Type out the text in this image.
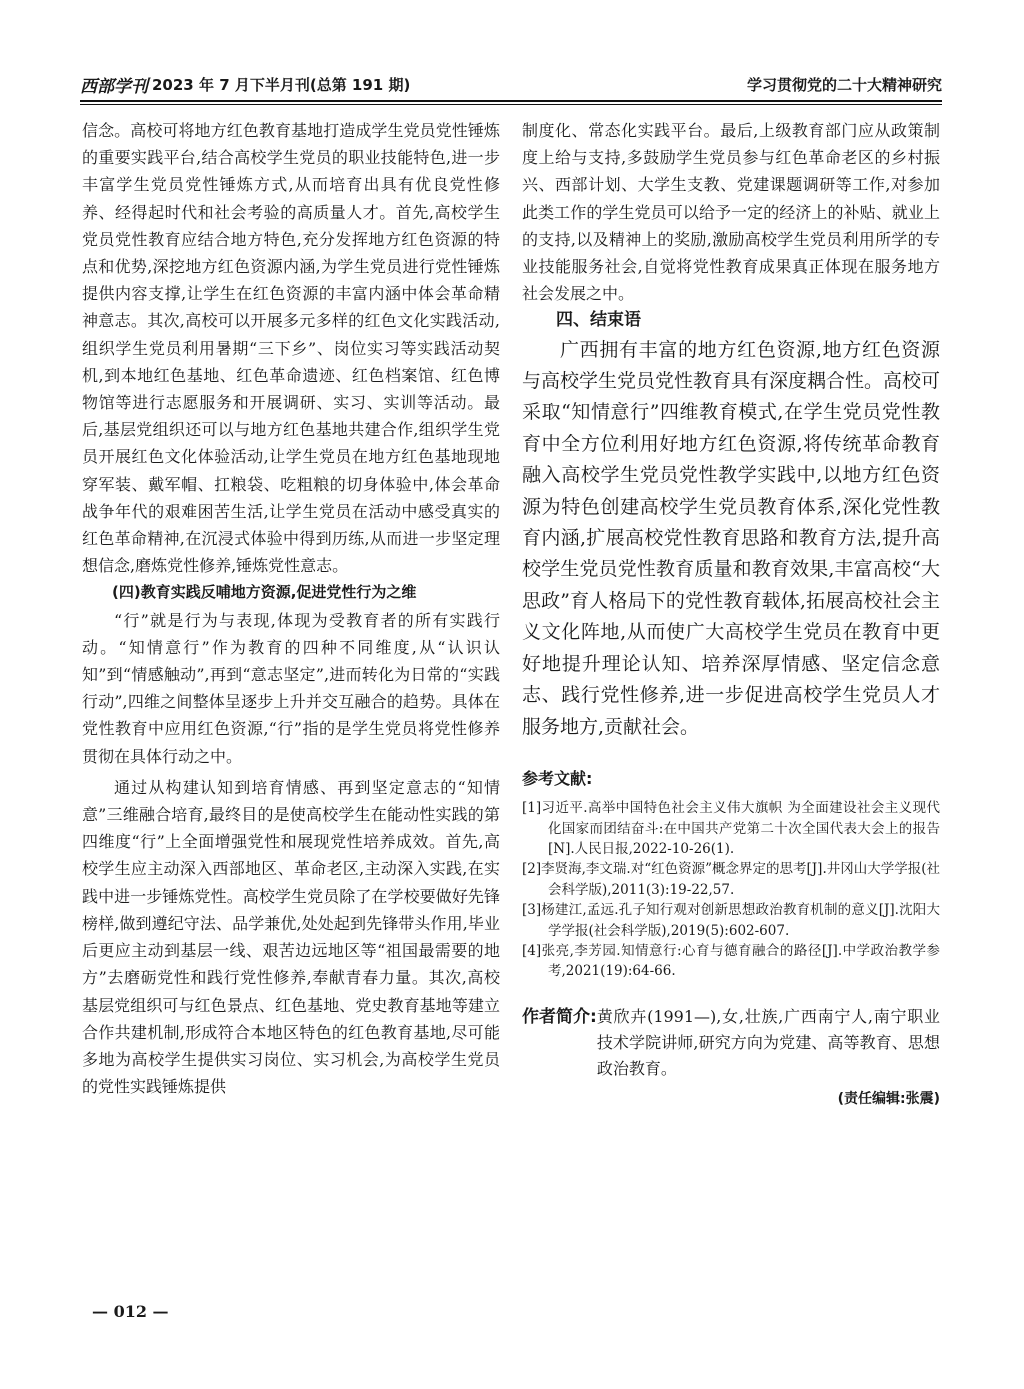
西部学刊 2023 年 7 月下半月刊(总第 191 期)	学习贯彻党的二十大精神研究

信念。高校可将地方红色教育基地打造成学生党员党性锤炼的重要实践平台,结合高校学生党员的职业技能特色,进一步丰富学生党员党性锤炼方式,从而培育出具有优良党性修养、经得起时代和社会考验的高质量人才。首先,高校学生党员党性教育应结合地方特色,充分发挥地方红色资源的特点和优势,深挖地方红色资源内涵,为学生党员进行党性锤炼提供内容支撑,让学生在红色资源的丰富内涵中体会革命精神意志。其次,高校可以开展多元多样的红色文化实践活动,组织学生党员利用暑期“三下乡”、岗位实习等实践活动契机,到本地红色基地、红色革命遗迹、红色档案馆、红色博物馆等进行志愿服务和开展调研、实习、实训等活动。最后,基层党组织还可以与地方红色基地共建合作,组织学生党员开展红色文化体验活动,让学生党员在地方红色基地现地穿军装、戴军帽、扛粮袋、吃粗粮的切身体验中,体会革命战争年代的艰难困苦生活,让学生党员在活动中感受真实的红色革命精神,在沉浸式体验中得到历练,从而进一步坚定理想信念,磨炼党性修养,锤炼党性意志。

(四)教育实践反哺地方资源,促进党性行为之维

“行”就是行为与表现,体现为受教育者的所有实践行动。“知情意行”作为教育的四种不同维度,从“认识认知”到“情感触动”,再到“意志坚定”,进而转化为日常的“实践行动”,四维之间整体呈逐步上升并交互融合的趋势。具体在党性教育中应用红色资源,“行”指的是学生党员将党性修养贯彻在具体行动之中。

通过从构建认知到培育情感、再到坚定意志的“知情意”三维融合培育,最终目的是使高校学生在能动性实践的第四维度“行”上全面增强党性和展现党性培养成效。首先,高校学生应主动深入西部地区、革命老区,主动深入实践,在实践中进一步锤炼党性。高校学生党员除了在学校要做好先锋榜样,做到遵纪守法、品学兼优,处处起到先锋带头作用,毕业后更应主动到基层一线、艰苦边远地区等“祖国最需要的地方”去磨砺党性和践行党性修养,奉献青春力量。其次,高校基层党组织可与红色景点、红色基地、党史教育基地等建立合作共建机制,形成符合本地区特色的红色教育基地,尽可能多地为高校学生提供实习岗位、实习机会,为高校学生党员的党性实践锤炼提供

制度化、常态化实践平台。最后,上级教育部门应从政策制度上给与支持,多鼓励学生党员参与红色革命老区的乡村振兴、西部计划、大学生支教、党建课题调研等工作,对参加此类工作的学生党员可以给予一定的经济上的补贴、就业上的支持,以及精神上的奖励,激励高校学生党员利用所学的专业技能服务社会,自觉将党性教育成果真正体现在服务地方社会发展之中。

四、结束语

广西拥有丰富的地方红色资源,地方红色资源与高校学生党员党性教育具有深度耦合性。高校可采取“知情意行”四维教育模式,在学生党员党性教育中全方位利用好地方红色资源,将传统革命教育融入高校学生党员党性教学实践中,以地方红色资源为特色创建高校学生党员教育体系,深化党性教育内涵,扩展高校党性教育思路和教育方法,提升高校学生党员党性教育质量和教育效果,丰富高校“大思政”育人格局下的党性教育载体,拓展高校社会主义文化阵地,从而使广大高校学生党员在教育中更好地提升理论认知、培养深厚情感、坚定信念意志、践行党性修养,进一步促进高校学生党员人才服务地方,贡献社会。

参考文献:

[1]习近平.高举中国特色社会主义伟大旗帜 为全面建设社会主义现代化国家而团结奋斗:在中国共产党第二十次全国代表大会上的报告[N].人民日报,2022-10-26(1).

[2]李贤海,李文瑞.对“红色资源”概念界定的思考[J].井冈山大学学报(社会科学版),2011(3):19-22,57.

[3]杨建江,孟远.孔子知行观对创新思想政治教育机制的意义[J].沈阳大学学报(社会科学版),2019(5):602-607.

[4]张亮,李芳园.知情意行:心育与德育融合的路径[J].中学政治教学参考,2021(19):64-66.

作者简介: 黄欣卉(1991—),女,壮族,广西南宁人,南宁职业技术学院讲师,研究方向为党建、高等教育、思想政治教育。
(责任编辑:张震)
— 012 —
